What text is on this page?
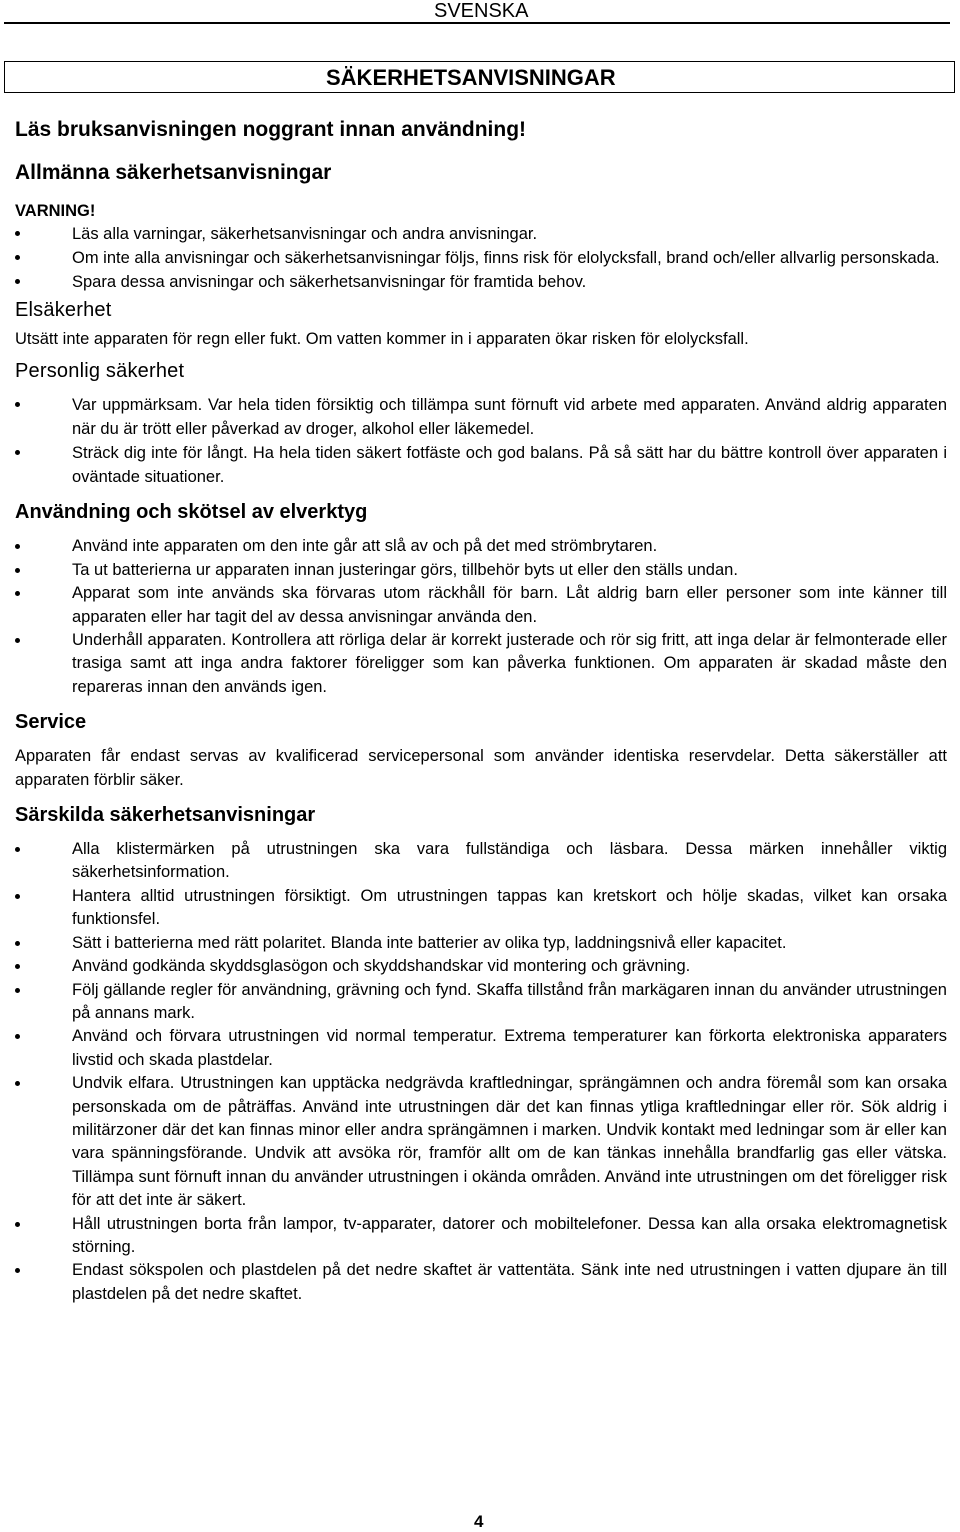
SVENSKA
SÄKERHETSANVISNINGAR
Läs bruksanvisningen noggrant innan användning!
Allmänna säkerhetsanvisningar
VARNING!
Läs alla varningar, säkerhetsanvisningar och andra anvisningar.
Om inte alla anvisningar och säkerhetsanvisningar följs, finns risk för elolycksfall, brand och/eller allvarlig personskada.
Spara dessa anvisningar och säkerhetsanvisningar för framtida behov.
Elsäkerhet

Utsätt inte apparaten för regn eller fukt. Om vatten kommer in i apparaten ökar risken för elolycksfall.

Personlig säkerhet
Var uppmärksam. Var hela tiden försiktig och tillämpa sunt förnuft vid arbete med apparaten. Använd aldrig apparaten när du är trött eller påverkad av droger, alkohol eller läkemedel.
Sträck dig inte för långt. Ha hela tiden säkert fotfäste och god balans. På så sätt har du bättre kontroll över apparaten i oväntade situationer.
Användning och skötsel av elverktyg
Använd inte apparaten om den inte går att slå av och på det med strömbrytaren.
Ta ut batterierna ur apparaten innan justeringar görs, tillbehör byts ut eller den ställs undan.
Apparat som inte används ska förvaras utom räckhåll för barn. Låt aldrig barn eller personer som inte känner till apparaten eller har tagit del av dessa anvisningar använda den.
Underhåll apparaten. Kontrollera att rörliga delar är korrekt justerade och rör sig fritt, att inga delar är felmonterade eller trasiga samt att inga andra faktorer föreligger som kan påverka funktionen. Om apparaten är skadad måste den repareras innan den används igen.
Service

Apparaten får endast servas av kvalificerad servicepersonal som använder identiska reservdelar. Detta säkerställer att apparaten förblir säker.

Särskilda säkerhetsanvisningar
Alla klistermärken på utrustningen ska vara fullständiga och läsbara. Dessa märken innehåller viktig säkerhetsinformation.
Hantera alltid utrustningen försiktigt. Om utrustningen tappas kan kretskort och hölje skadas, vilket kan orsaka funktionsfel.
Sätt i batterierna med rätt polaritet. Blanda inte batterier av olika typ, laddningsnivå eller kapacitet.
Använd godkända skyddsglasögon och skyddshandskar vid montering och grävning.
Följ gällande regler för användning, grävning och fynd. Skaffa tillstånd från markägaren innan du använder utrustningen på annans mark.
Använd och förvara utrustningen vid normal temperatur. Extrema temperaturer kan förkorta elektroniska apparaters livstid och skada plastdelar.
Undvik elfara. Utrustningen kan upptäcka nedgrävda kraftledningar, sprängämnen och andra föremål som kan orsaka personskada om de påträffas. Använd inte utrustningen där det kan finnas ytliga kraftledningar eller rör. Sök aldrig i militärzoner där det kan finnas minor eller andra sprängämnen i marken. Undvik kontakt med ledningar som är eller kan vara spänningsförande. Undvik att avsöka rör, framför allt om de kan tänkas innehålla brandfarlig gas eller vätska. Tillämpa sunt förnuft innan du använder utrustningen i okända områden. Använd inte utrustningen om det föreligger risk för att det inte är säkert.
Håll utrustningen borta från lampor, tv-apparater, datorer och mobiltelefoner. Dessa kan alla orsaka elektromagnetisk störning.
Endast sökspolen och plastdelen på det nedre skaftet är vattentäta. Sänk inte ned utrustningen i vatten djupare än till plastdelen på det nedre skaftet.
4
